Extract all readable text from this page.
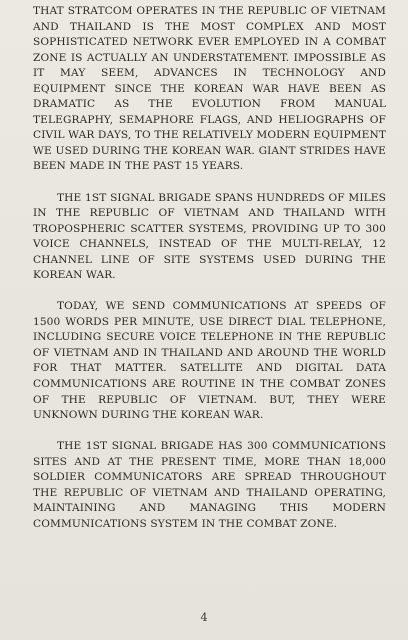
THAT STRATCOM OPERATES IN THE REPUBLIC OF VIETNAM AND THAILAND IS THE MOST COMPLEX AND MOST SOPHISTICATED NETWORK EVER EMPLOYED IN A COMBAT ZONE IS ACTUALLY AN UNDERSTATEMENT. IMPOSSIBLE AS IT MAY SEEM, ADVANCES IN TECHNOLOGY AND EQUIPMENT SINCE THE KOREAN WAR HAVE BEEN AS DRAMATIC AS THE EVOLUTION FROM MANUAL TELEGRAPHY, SEMAPHORE FLAGS, AND HELIOGRAPHS OF CIVIL WAR DAYS, TO THE RELATIVELY MODERN EQUIPMENT WE USED DURING THE KOREAN WAR. GIANT STRIDES HAVE BEEN MADE IN THE PAST 15 YEARS.

THE 1ST SIGNAL BRIGADE SPANS HUNDREDS OF MILES IN THE REPUBLIC OF VIETNAM AND THAILAND WITH TROPOSPHERIC SCATTER SYSTEMS, PROVIDING UP TO 300 VOICE CHANNELS, INSTEAD OF THE MULTI-RELAY, 12 CHANNEL LINE OF SITE SYSTEMS USED DURING THE KOREAN WAR.

TODAY, WE SEND COMMUNICATIONS AT SPEEDS OF 1500 WORDS PER MINUTE, USE DIRECT DIAL TELEPHONE, INCLUDING SECURE VOICE TELEPHONE IN THE REPUBLIC OF VIETNAM AND IN THAILAND AND AROUND THE WORLD FOR THAT MATTER. SATELLITE AND DIGITAL DATA COMMUNICATIONS ARE ROUTINE IN THE COMBAT ZONES OF THE REPUBLIC OF VIETNAM. BUT, THEY WERE UNKNOWN DURING THE KOREAN WAR.

THE 1ST SIGNAL BRIGADE HAS 300 COMMUNICATIONS SITES AND AT THE PRESENT TIME, MORE THAN 18,000 SOLDIER COMMUNICATORS ARE SPREAD THROUGHOUT THE REPUBLIC OF VIETNAM AND THAILAND OPERATING, MAINTAINING AND MANAGING THIS MODERN COMMUNICATIONS SYSTEM IN THE COMBAT ZONE.

4
